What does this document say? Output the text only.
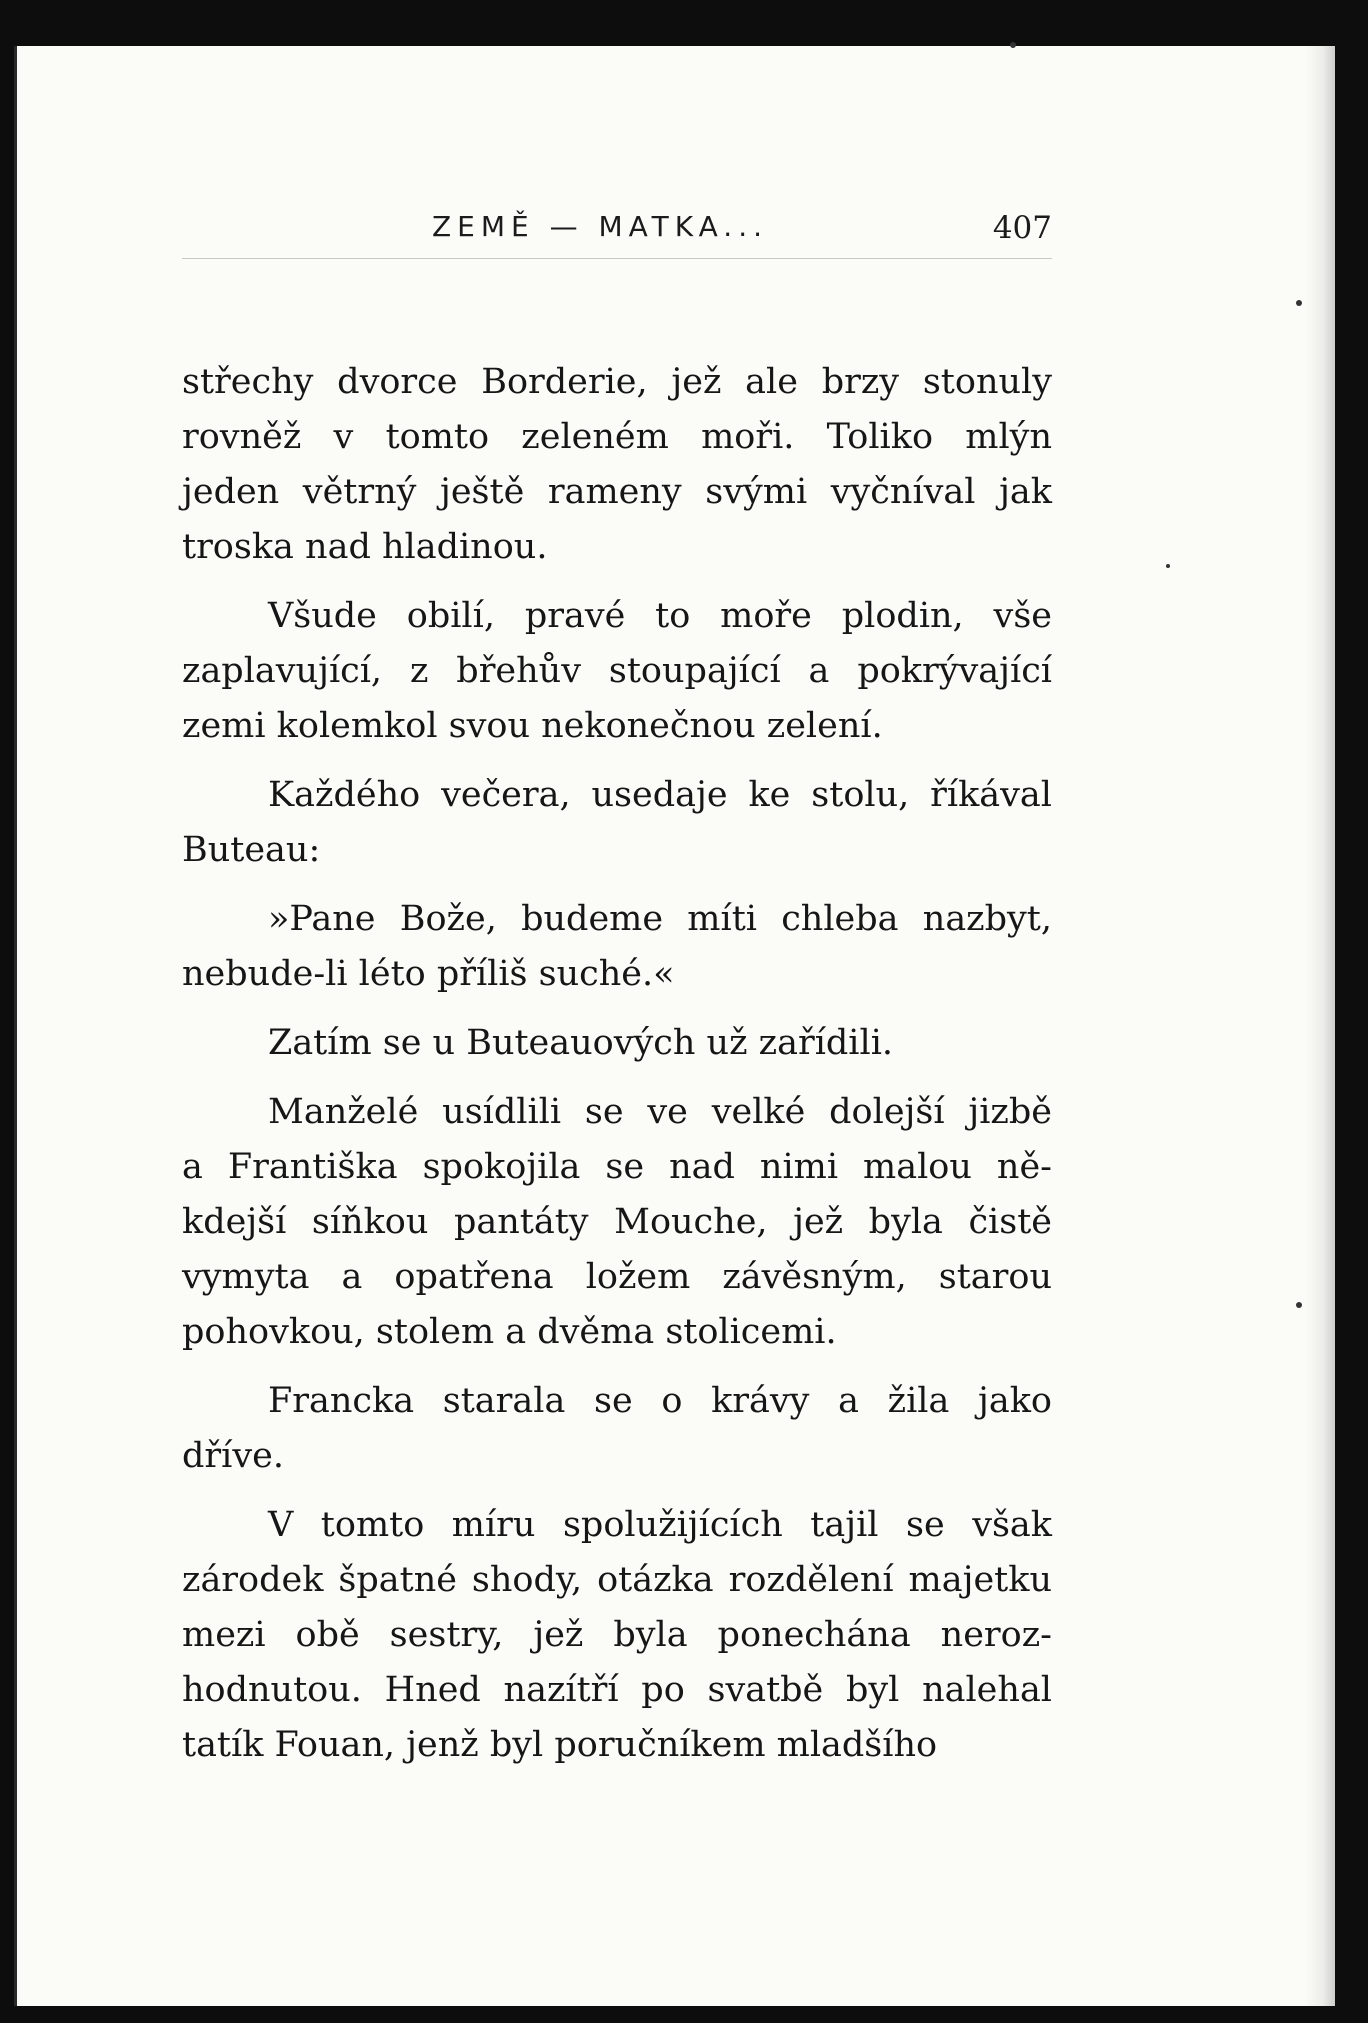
ZEMĚ — MATKA...	407
střechy dvorce Borderie, jež ale brzy stonuly
rovněž v tomto zeleném moři. Toliko mlýn
jeden větrný ještě rameny svými vyčníval jak
troska nad hladinou.
Všude obilí, pravé to moře plodin, vše
zaplavující, z břehův stoupající a pokrývající
zemi kolemkol svou nekonečnou zelení.
Každého večera, usedaje ke stolu, říkával
Buteau:
»Pane Bože, budeme míti chleba nazbyt,
nebude-li léto příliš suché.«
Zatím se u Buteauových už zařídili.
Manželé usídlili se ve velké dolejší jizbě
a Františka spokojila se nad nimi malou ně-
kdejší síňkou pantáty Mouche, jež byla čistě
vymyta a opatřena ložem závěsným, starou
pohovkou, stolem a dvěma stolicemi.
Francka starala se o krávy a žila jako
dříve.
V tomto míru spolužijících tajil se však
zárodek špatné shody, otázka rozdělení majetku
mezi obě sestry, jež byla ponechána neroz-
hodnutou. Hned nazítří po svatbě byl nalehal
tatík Fouan, jenž byl poručníkem mladšího
